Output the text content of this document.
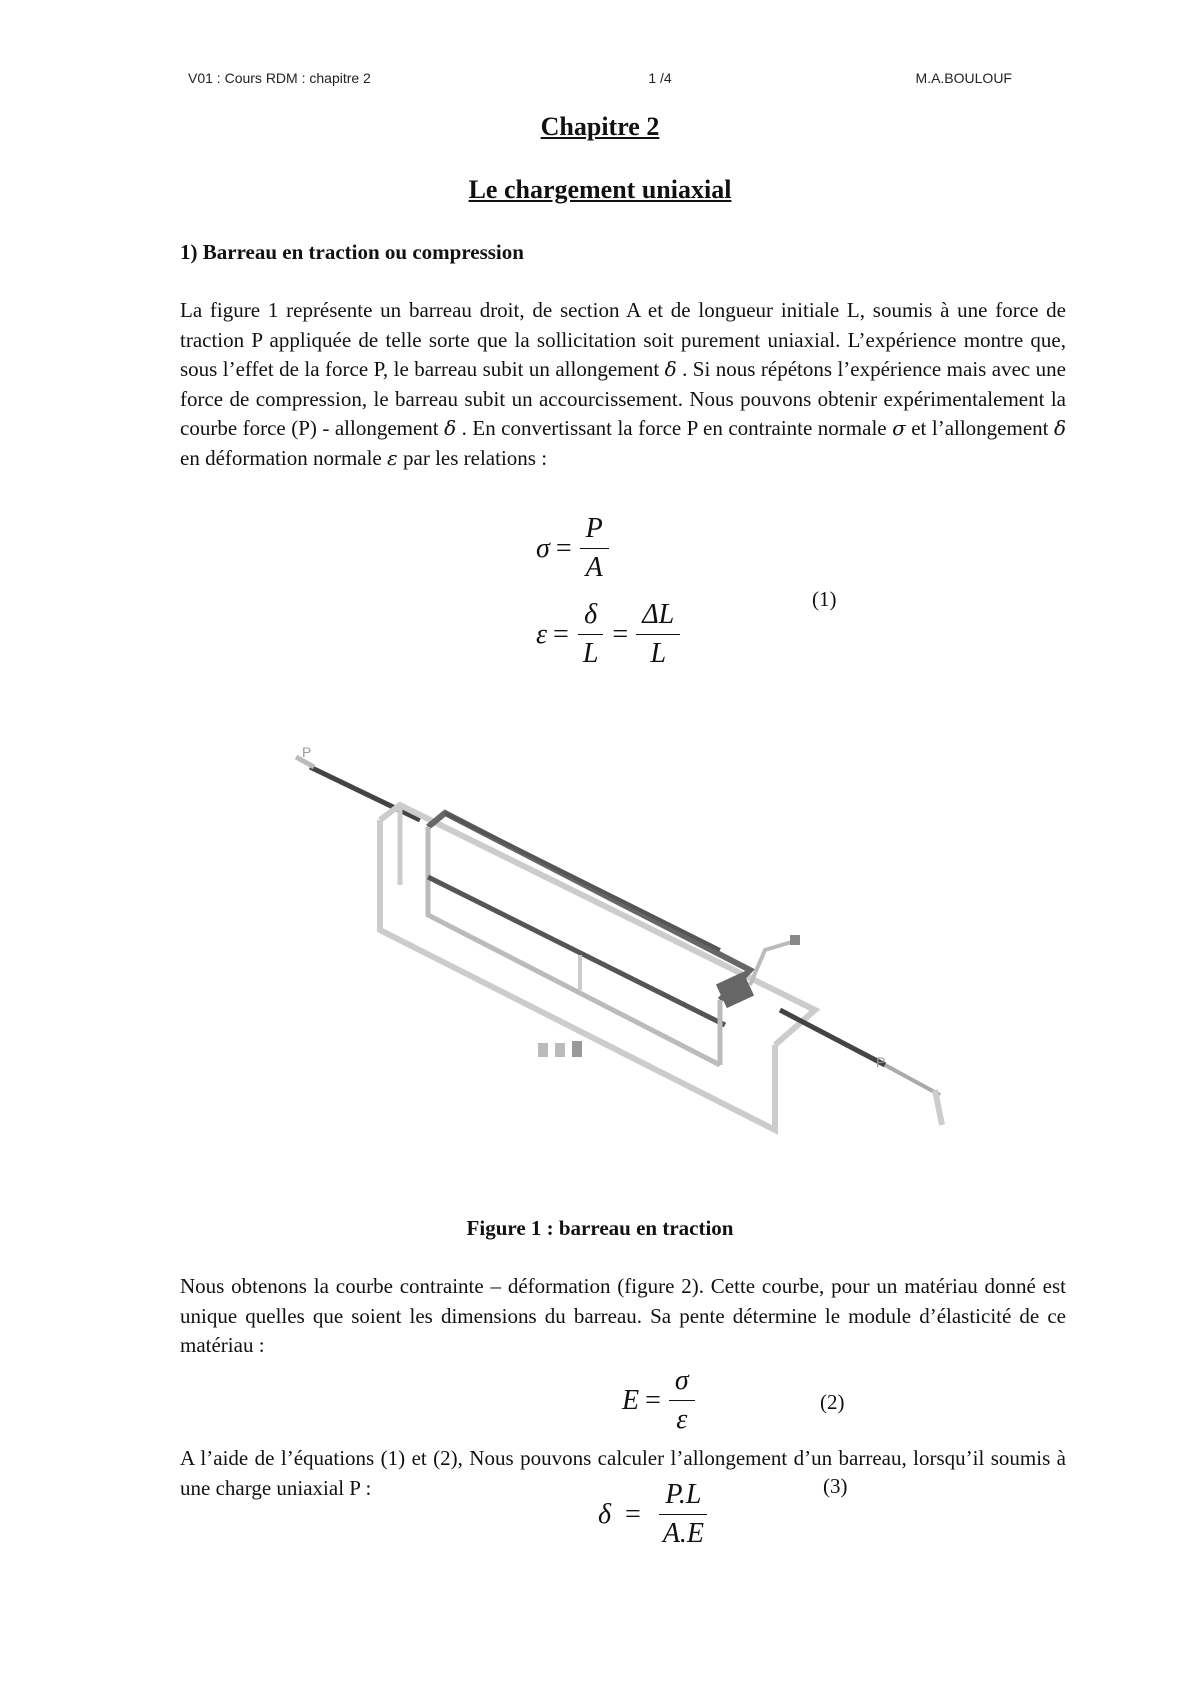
V01 : Cours RDM : chapitre 2	1 /4	M.A.BOULOUF
Chapitre 2
Le chargement uniaxial
1) Barreau en traction ou compression
La figure 1 représente un barreau droit, de section A et de longueur initiale L, soumis à une force de traction P appliquée de telle sorte que la sollicitation soit purement uniaxial. L’expérience montre que, sous l’effet de la force P, le barreau subit un allongement δ . Si nous répétons l’expérience mais avec une force de compression, le barreau subit un accourcissement. Nous pouvons obtenir expérimentalement la courbe force (P) - allongement δ . En convertissant la force P en contrainte normale σ et l’allongement δ en déformation normale ε par les relations :
$\sigma = \frac{P}{A}$
$\varepsilon = \frac{\delta}{L} = \frac{\Delta L}{L}$	(1)
P
P
Figure 1 : barreau en traction
Nous obtenons la courbe contrainte – déformation (figure 2). Cette courbe, pour un matériau donné est unique quelles que soient les dimensions du barreau. Sa pente détermine le module d’élasticité de ce matériau :
$E = \frac{\sigma}{\varepsilon}$	(2)
A l’aide de l’équations (1) et (2), Nous pouvons calculer l’allongement d’un barreau, lorsqu’il soumis à une charge uniaxial P :	(3)
$\delta = \frac{P.L}{A.E}$
